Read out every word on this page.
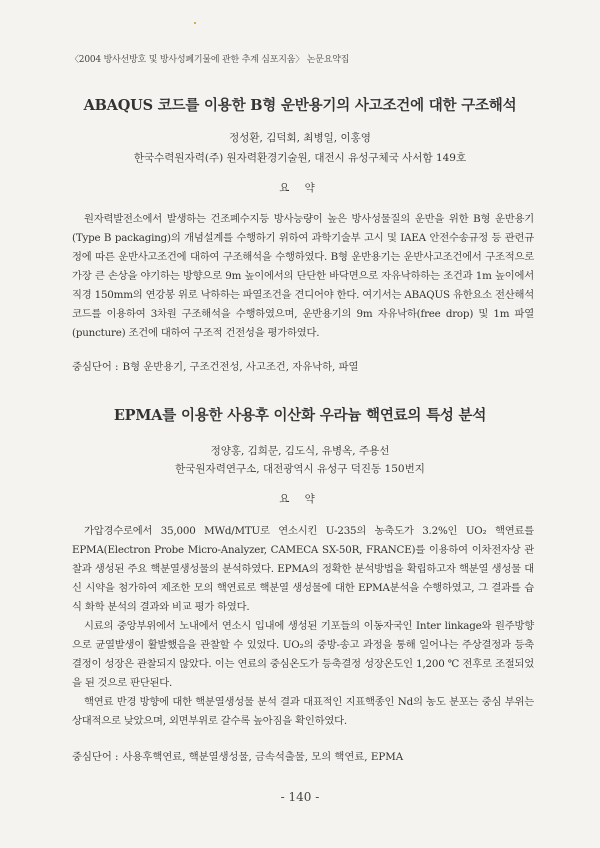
〈2004 방사선방호 및 방사성폐기물에 관한 추계 심포지움〉 논문요약집
ABAQUS 코드를 이용한 B형 운반용기의 사고조건에 대한 구조해석

정성환, 김덕회, 최병일, 이홍영

한국수력원자력(주) 원자력환경기술원, 대전시 유성구체국 사서함 149호

요 약

원자력발전소에서 발생하는 건조폐수지등 방사능량이 높은 방사성물질의 운반을 위한 B형 운반용기(Type B packaging)의 개념설계를 수행하기 위하여 과학기술부 고시 및 IAEA 안전수송규정 등 관련규정에 따른 운반사고조건에 대하여 구조해석을 수행하였다. B형 운반용기는 운반사고조건에서 구조적으로 가장 큰 손상을 야기하는 방향으로 9m 높이에서의 단단한 바닥면으로 자유낙하하는 조건과 1m 높이에서 직경 150mm의 연강봉 위로 낙하하는 파열조건을 견디어야 한다. 여기서는 ABAQUS 유한요소 전산해석코드를 이용하여 3차원 구조해석을 수행하였으며, 운반용기의 9m 자유낙하(free drop) 및 1m 파열(puncture) 조건에 대하여 구조적 건전성을 평가하였다.

중심단어 : B형 운반용기, 구조건전성, 사고조건, 자유낙하, 파열
EPMA를 이용한 사용후 이산화 우라늄 핵연료의 특성 분석

정양홍, 김희문, 김도식, 유병옥, 주용선

한국원자력연구소, 대전광역시 유성구 덕진동 150번지

요 약

가압경수로에서 35,000 MWd/MTU로 연소시킨 U-235의 농축도가 3.2%인 UO₂ 핵연료를 EPMA(Electron Probe Micro-Analyzer, CAMECA SX-50R, FRANCE)를 이용하여 이차전자상 관찰과 생성된 주요 핵분열생성물의 분석하였다. EPMA의 정확한 분석방법을 확립하고자 핵분열 생성물 대신 시약을 첨가하여 제조한 모의 핵연료로 핵분열 생성물에 대한 EPMA분석을 수행하였고, 그 결과를 습식 화학 분석의 결과와 비교 평가 하였다.

시료의 중앙부위에서 노내에서 연소시 입내에 생성된 기포들의 이동자국인 Inter linkage와 원주방향으로 균열발생이 활발했음을 관찰할 수 있었다. UO₂의 중방-송고 과정을 통해 일어나는 주상결정과 등축결정이 성장은 관찰되지 않았다. 이는 연료의 중심온도가 등축결정 성장온도인 1,200 ℃ 전후로 조절되었을 된 것으로 판단된다.

핵연료 반경 방향에 대한 핵분열생성물 분석 결과 대표적인 지표핵종인 Nd의 농도 분포는 중심 부위는 상대적으로 낮았으며, 외면부위로 갈수록 높아짐을 확인하였다.

중심단어 : 사용후핵연료, 핵분열생성물, 금속석출물, 모의 핵연료, EPMA
- 140 -
